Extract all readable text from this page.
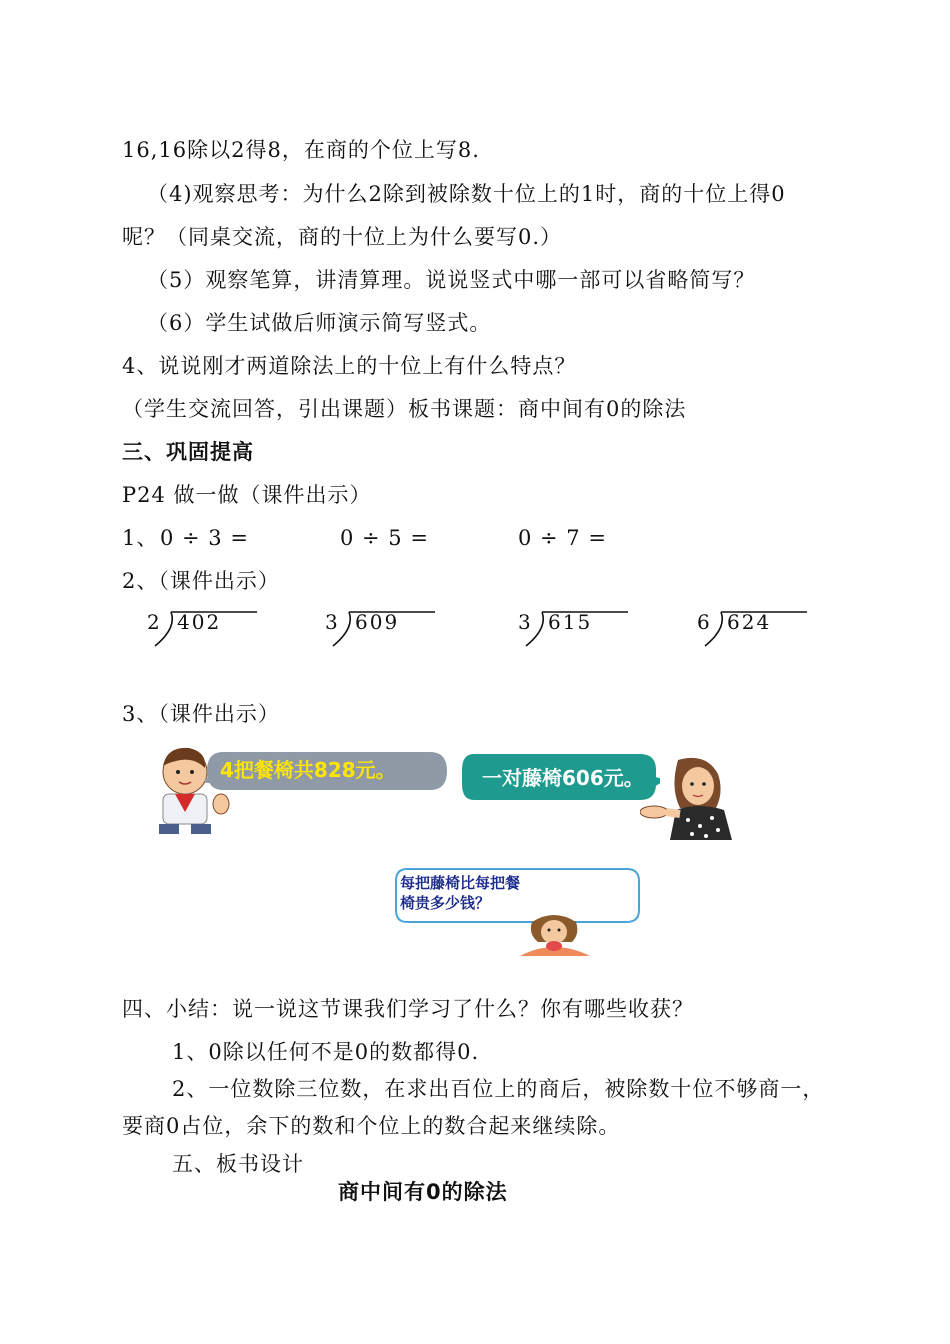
16,16除以2得8，在商的个位上写8.
（4)观察思考：为什么2除到被除数十位上的1时，商的十位上得0
呢？（同桌交流，商的十位上为什么要写0.）
（5）观察笔算，讲清算理。说说竖式中哪一部可以省略简写？
（6）学生试做后师演示简写竖式。
4、说说刚才两道除法上的十位上有什么特点？
（学生交流回答，引出课题）板书课题：商中间有0的除法
三、巩固提高
P24 做一做（课件出示）
1、 0 ÷ 3 =	0 ÷ 5 =	0 ÷ 7 =
2、（课件出示）
2 402	3 609	3 615	6 624
3、（课件出示）
4把餐椅共828元。	一对藤椅606元。
每把藤椅比每把餐
椅贵多少钱？
四、小结：说一说这节课我们学习了什么？你有哪些收获？
1、0除以任何不是0的数都得0.
2、一位数除三位数，在求出百位上的商后，被除数十位不够商一，
要商0占位，余下的数和个位上的数合起来继续除。
五、板书设计
商中间有0的除法
